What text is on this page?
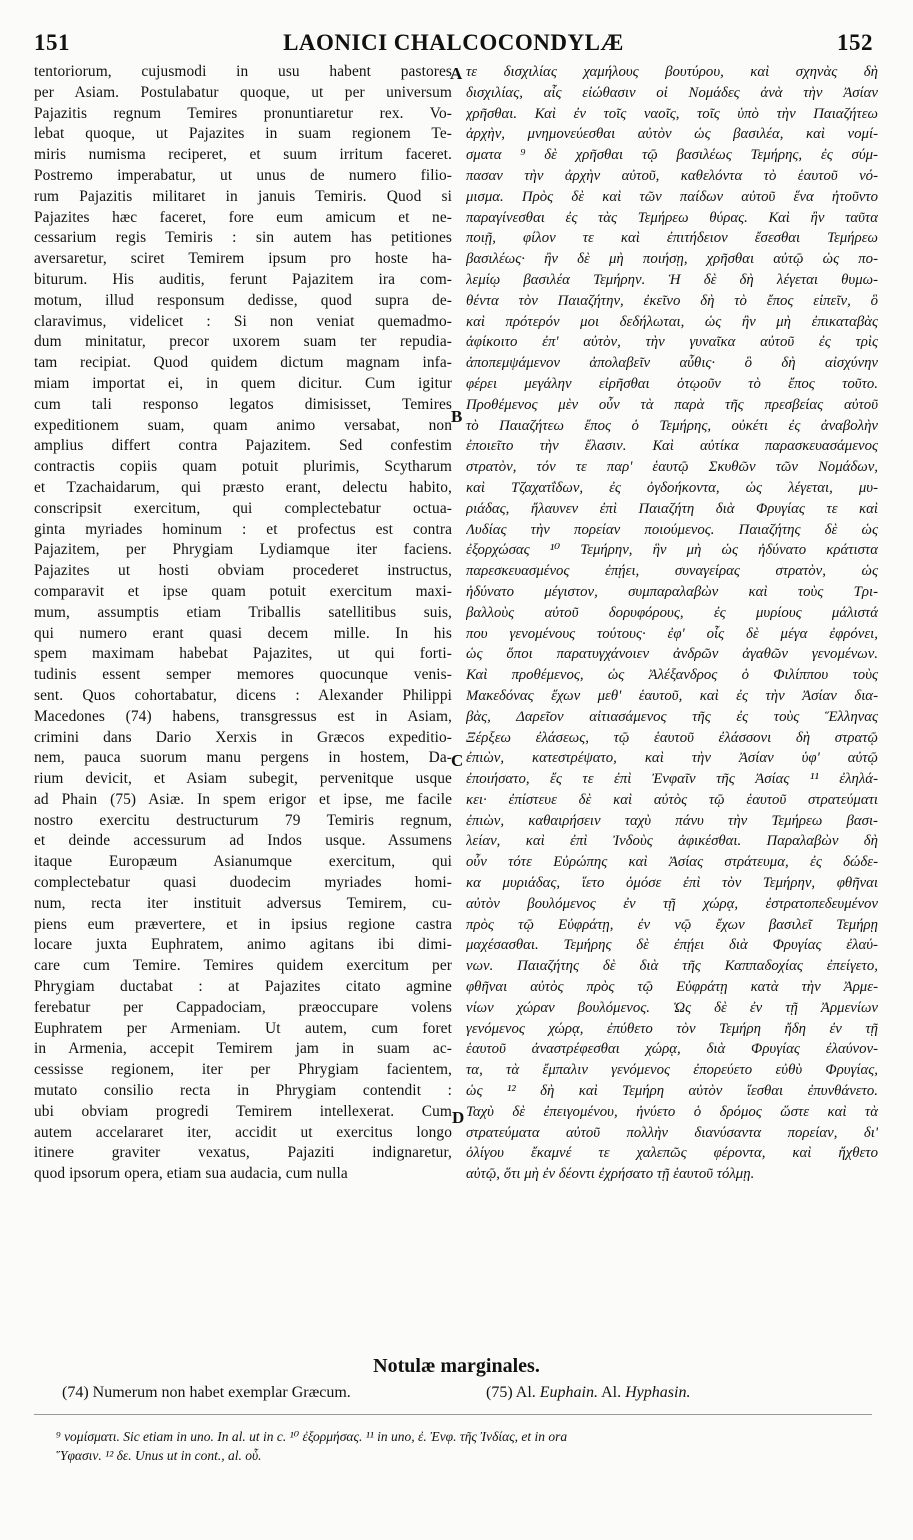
151	LAONICI CHALCOCONDYLÆ	152
tentoriorum, cujusmodi in usu habent pastores
per Asiam. Postulabatur quoque, ut per universum
Pajazitis regnum Temires pronuntiaretur rex. Vo-
lebat quoque, ut Pajazites in suam regionem Te-
miris numisma reciperet, et suum irritum faceret.
Postremo imperabatur, ut unus de numero filio-
rum Pajazitis militaret in januis Temiris. Quod si
Pajazites hæc faceret, fore eum amicum et ne-
cessarium regis Temiris : sin autem has petitiones
aversaretur, sciret Temirem ipsum pro hoste ha-
biturum. His auditis, ferunt Pajazitem ira com-
motum, illud responsum dedisse, quod supra de-
claravimus, videlicet : Si non veniat quemadmo-
dum minitatur, precor uxorem suam ter repudia-
tam recipiat. Quod quidem dictum magnam infa-
miam importat ei, in quem dicitur. Cum igitur
cum tali responso legatos dimisisset, Temires
expeditionem suam, quam animo versabat, non
amplius differt contra Pajazitem. Sed confestim
contractis copiis quam potuit plurimis, Scytharum
et Tzachaidarum, qui præsto erant, delectu habito,
conscripsit exercitum, qui complectebatur octua-
ginta myriades hominum : et profectus est contra
Pajazitem, per Phrygiam Lydiamque iter faciens.
Pajazites ut hosti obviam procederet instructus,
comparavit et ipse quam potuit exercitum maxi-
mum, assumptis etiam Triballis satellitibus suis,
qui numero erant quasi decem mille. In his
spem maximam habebat Pajazites, ut qui forti-
tudinis essent semper memores quocunque venis-
sent. Quos cohortabatur, dicens : Alexander Philippi
Macedones (74) habens, transgressus est in Asiam,
crimini dans Dario Xerxis in Græcos expeditio-
nem, pauca suorum manu pergens in hostem, Da-
rium devicit, et Asiam subegit, pervenitque usque
ad Phain (75) Asiæ. In spem erigor et ipse, me facile
nostro exercitu destructurum 79 Temiris regnum,
et deinde accessurum ad Indos usque. Assumens
itaque Europæum Asianumque exercitum, qui
complectebatur quasi duodecim myriades homi-
num, recta iter instituit adversus Temirem, cu-
piens eum prævertere, et in ipsius regione castra
locare juxta Euphratem, animo agitans ibi dimi-
care cum Temire. Temires quidem exercitum per
Phrygiam ductabat : at Pajazites citato agmine
ferebatur per Cappadociam, præoccupare volens
Euphratem per Armeniam. Ut autem, cum foret
in Armenia, accepit Temirem jam in suam ac-
cessisse regionem, iter per Phrygiam facientem,
mutato consilio recta in Phrygiam contendit :
ubi obviam progredi Temirem intellexerat. Cum
autem accelararet iter, accidit ut exercitus longo
itinere graviter vexatus, Pajaziti indignaretur,
quod ipsorum opera, etiam sua audacia, cum nulla
τε δισχιλίας χαμήλους βουτύρου, καὶ σχηνὰς δὴ
δισχιλίας, αἷς εἰώθασιν οἱ Νομάδες ἀνὰ τὴν Ἀσίαν
χρῆσθαι. Καὶ ἐν τοῖς ναοῖς, τοῖς ὑπὸ τὴν Παιαζήτεω
ἀρχὴν, μνημονεύεσθαι αὐτὸν ὡς βασιλέα, καὶ νομί-
σματα ⁹ δὲ χρῆσθαι τῷ βασιλέως Τεμήρης, ἐς σύμ-
πασαν τὴν ἀρχὴν αὐτοῦ, καθελόντα τὸ ἑαυτοῦ νό-
μισμα. Πρὸς δὲ καὶ τῶν παίδων αὐτοῦ ἕνα ἠτοῦντο
παραγίνεσθαι ἐς τὰς Τεμήρεω θύρας. Καὶ ἢν ταῦτα
ποιῇ, φίλον τε καὶ ἐπιτήδειον ἔσεσθαι Τεμήρεω
βασιλέως· ἢν δὲ μὴ ποιήσῃ, χρῆσθαι αὐτῷ ὡς πο-
λεμίῳ βασιλέα Τεμήρην. Ἡ δὲ δὴ λέγεται θυμω-
θέντα τὸν Παιαζήτην, ἐκεῖνο δὴ τὸ ἔπος εἰπεῖν, ὃ
καὶ πρότερόν μοι δεδήλωται, ὡς ἢν μὴ ἐπικαταβὰς
ἀφίκοιτο ἐπ' αὐτὸν, τὴν γυναῖκα αὐτοῦ ἐς τρὶς
ἀποπεμψάμενον ἀπολαβεῖν αὖθις· ὃ δὴ αἰσχύνην
φέρει μεγάλην εἰρῆσθαι ὁτῳοῦν τὸ ἔπος τοῦτο.
Προθέμενος μὲν οὖν τὰ παρὰ τῆς πρεσβείας αὐτοῦ
τὸ Παιαζήτεω ἔπος ὁ Τεμήρης, οὐκέτι ἐς ἀναβολὴν
ἐποιεῖτο τὴν ἔλασιν. Καὶ αὐτίκα παρασκευασάμενος
στρατὸν, τόν τε παρ' ἑαυτῷ Σκυθῶν τῶν Νομάδων,
καὶ Τζαχατΐδων, ἐς ὀγδοήκοντα, ὡς λέγεται, μυ-
ριάδας, ἤλαυνεν ἐπὶ Παιαζήτη διὰ Φρυγίας τε καὶ
Λυδίας τὴν πορείαν ποιούμενος. Παιαζήτης δὲ ὡς
ἐξορχώσας ¹⁰ Τεμήρην, ἣν μὴ ὡς ἠδύνατο κράτιστα
παρεσκευασμένος ἐπῄει, συναγείρας στρατὸν, ὡς
ἠδύνατο μέγιστον, συμπαραλαβὼν καὶ τοὺς Τρι-
βαλλοὺς αὐτοῦ δορυφόρους, ἐς μυρίους μάλιστά
που γενομένους τούτους· ἐφ' οἷς δὲ μέγα ἐφρόνει,
ὡς ὅποι παρατυγχάνοιεν ἀνδρῶν ἀγαθῶν γενομένων.
Καὶ προθέμενος, ὡς Ἀλέξανδρος ὁ Φιλίππου τοὺς
Μακεδόνας ἔχων μεθ' ἑαυτοῦ, καὶ ἐς τὴν Ἀσίαν δια-
βὰς, Δαρεῖον αἰτιασάμενος τῆς ἐς τοὺς Ἕλληνας
Ξέρξεω ἐλάσεως, τῷ ἑαυτοῦ ἐλάσσονι δὴ στρατῷ
ἐπιὼν, κατεστρέψατο, καὶ τὴν Ἀσίαν ὑφ' αὐτῷ
ἐποιήσατο, ἔς τε ἐπὶ Ἐνφαῖν τῆς Ἀσίας ¹¹ ἐληλά-
κει· ἐπίστευε δὲ καὶ αὐτὸς τῷ ἑαυτοῦ στρατεύματι
ἐπιὼν, καθαιρήσειν ταχὺ πάνυ τὴν Τεμήρεω βασι-
λείαν, καὶ ἐπὶ Ἰνδοὺς ἀφικέσθαι. Παραλαβὼν δὴ
οὖν τότε Εὐρώπης καὶ Ἀσίας στράτευμα, ἐς δώδε-
κα μυριάδας, ἵετο ὁμόσε ἐπὶ τὸν Τεμήρην, φθῆναι
αὐτὸν βουλόμενος ἐν τῇ χώρᾳ, ἐστρατοπεδευμένον
πρὸς τῷ Εὐφράτῃ, ἐν νῷ ἔχων βασιλεῖ Τεμήρῃ
μαχέσασθαι. Τεμήρης δὲ ἐπῄει διὰ Φρυγίας ἐλαύ-
νων. Παιαζήτης δὲ διὰ τῆς Καππαδοχίας ἐπείγετο,
φθῆναι αὐτὸς πρὸς τῷ Εὐφράτῃ κατὰ τὴν Ἀρμε-
νίων χώραν βουλόμενος. Ὡς δὲ ἐν τῇ Ἀρμενίων
γενόμενος χώρᾳ, ἐπύθετο τὸν Τεμήρη ἤδη ἐν τῇ
ἑαυτοῦ ἀναστρέφεσθαι χώρᾳ, διὰ Φρυγίας ἐλαύνον-
τα, τὰ ἔμπαλιν γενόμενος ἐπορεύετο εὐθὺ Φρυγίας,
ὡς ¹² δὴ καὶ Τεμήρη αὐτὸν ἴεσθαι ἐπυνθάνετο.
Ταχὺ δὲ ἐπειγομένου, ἠνύετο ὁ δρόμος ὥστε καὶ τὰ
στρατεύματα αὐτοῦ πολλὴν διανύσαντα πορείαν, δι'
ὀλίγου ἔκαμνέ τε χαλεπῶς φέροντα, καὶ ἤχθετο
αὐτῷ, ὅτι μὴ ἐν δέοντι ἐχρήσατο τῇ ἑαυτοῦ τόλμῃ.
A
B
C
D
Notulæ marginales.
(74) Numerum non habet exemplar Græcum.	(75) Al. Euphain. Al. Hyphasin.
⁹ νομίσματι. Sic etiam in uno. In al. ut in c. ¹⁰ ἐξορμήσας. ¹¹ in uno, ἐ. Ἐνφ. τῆς Ἰνδίας, et in ora
Ὕφασιν. ¹² δε. Unus ut in cont., al. οὗ.
